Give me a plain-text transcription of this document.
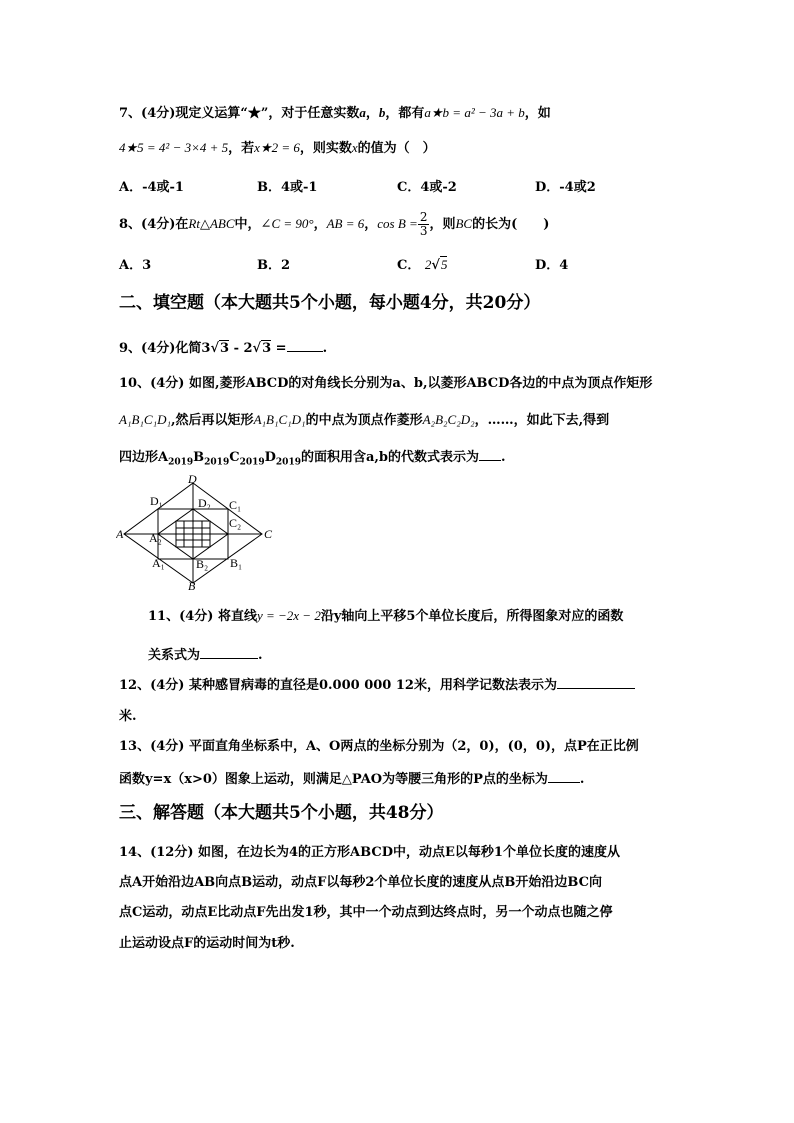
7、(4分)现定义运算“★”，对于任意实数a，b，都有a★b = a² − 3a + b，如
4★5 = 4² − 3×4 + 5，若x★2 = 6，则实数x的值为（　）
A．-4或-1	B．4或-1	C．4或-2	D．-4或2
8、(4分)在Rt△ABC中，∠C = 90°，AB = 6，$\cos B = \frac{2}{3}$ ，则BC的长为(　　)
A．3	B．2	C． 2√5	D．4
二、填空题（本大题共5个小题，每小题4分，共20分）
9、(4分)化简3√3 - 2√3 =	.
10、(4分) 如图,菱形ABCD的对角线长分别为a、b,以菱形ABCD各边的中点为顶点作矩形
A₁B₁C₁D₁,然后再以矩形A₁B₁C₁D₁的中点为顶点作菱形A₂B₂C₂D₂，……，如此下去,得到
四边形$A_{2019}B_{2019}C_{2019}D_{2019}$的面积用含a,b的代数式表示为 .
D
B
A	C
D₁	D₂ C₁
C₂
A₂
A₁	B₂ B₁
11、(4分) 将直线y = −2x − 2沿y轴向上平移5个单位长度后，所得图象对应的函数
关系式为	.
12、(4分) 某种感冒病毒的直径是0.000 000 12米，用科学记数法表示为
米.
13、(4分) 平面直角坐标系中，A、O两点的坐标分别为（2，0)，(0，0)，点P在正比例
函数y=x（x>0）图象上运动，则满足△PAO为等腰三角形的P点的坐标为 .
三、解答题（本大题共5个小题，共48分）
14、(12分) 如图，在边长为4的正方形ABCD中，动点E以每秒1个单位长度的速度从
点A开始沿边AB向点B运动，动点F以每秒2个单位长度的速度从点B开始沿边BC向
点C运动，动点E比动点F先出发1秒，其中一个动点到达终点时，另一个动点也随之停
止运动设点F的运动时间为t秒.
